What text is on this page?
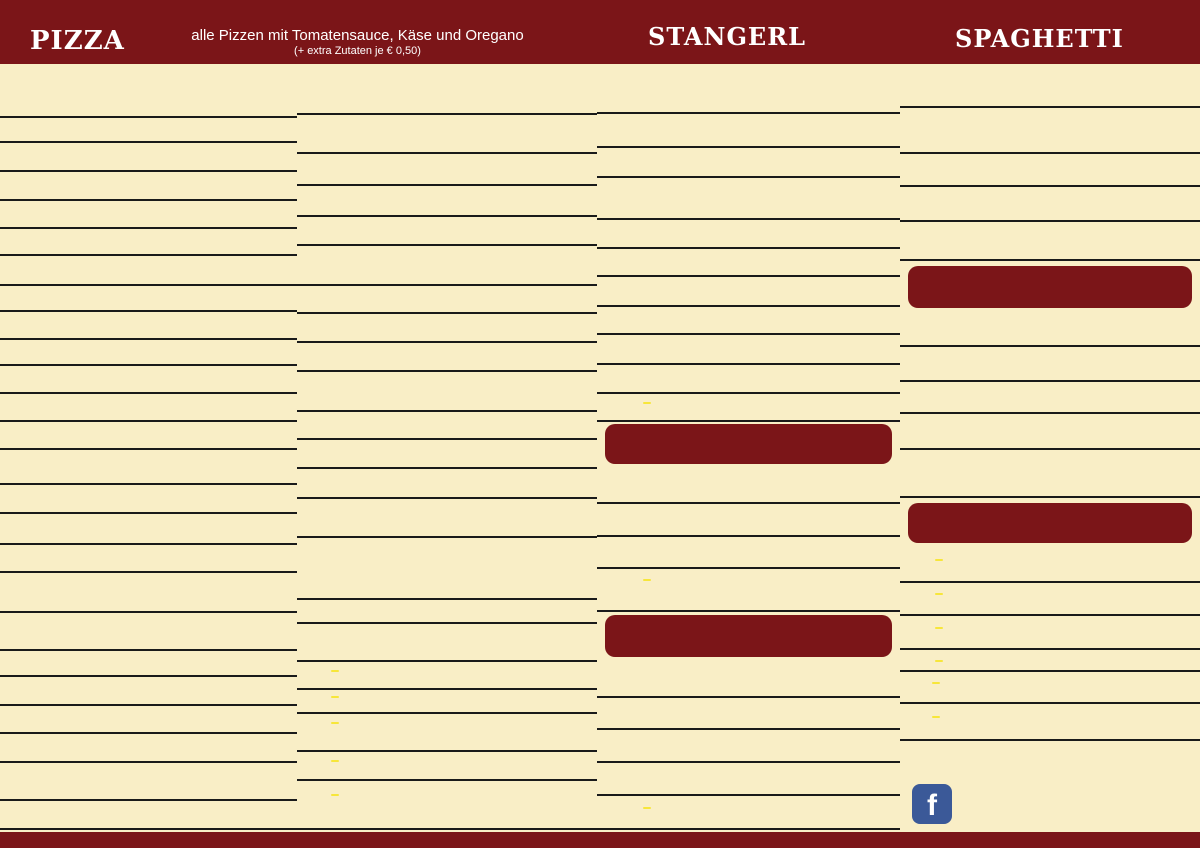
PIZZA	alle Pizzen mit Tomatensauce, Käse und Oregano
(+ extra Zutaten je € 0,50)	STANGERL	SPAGHETTI
f
